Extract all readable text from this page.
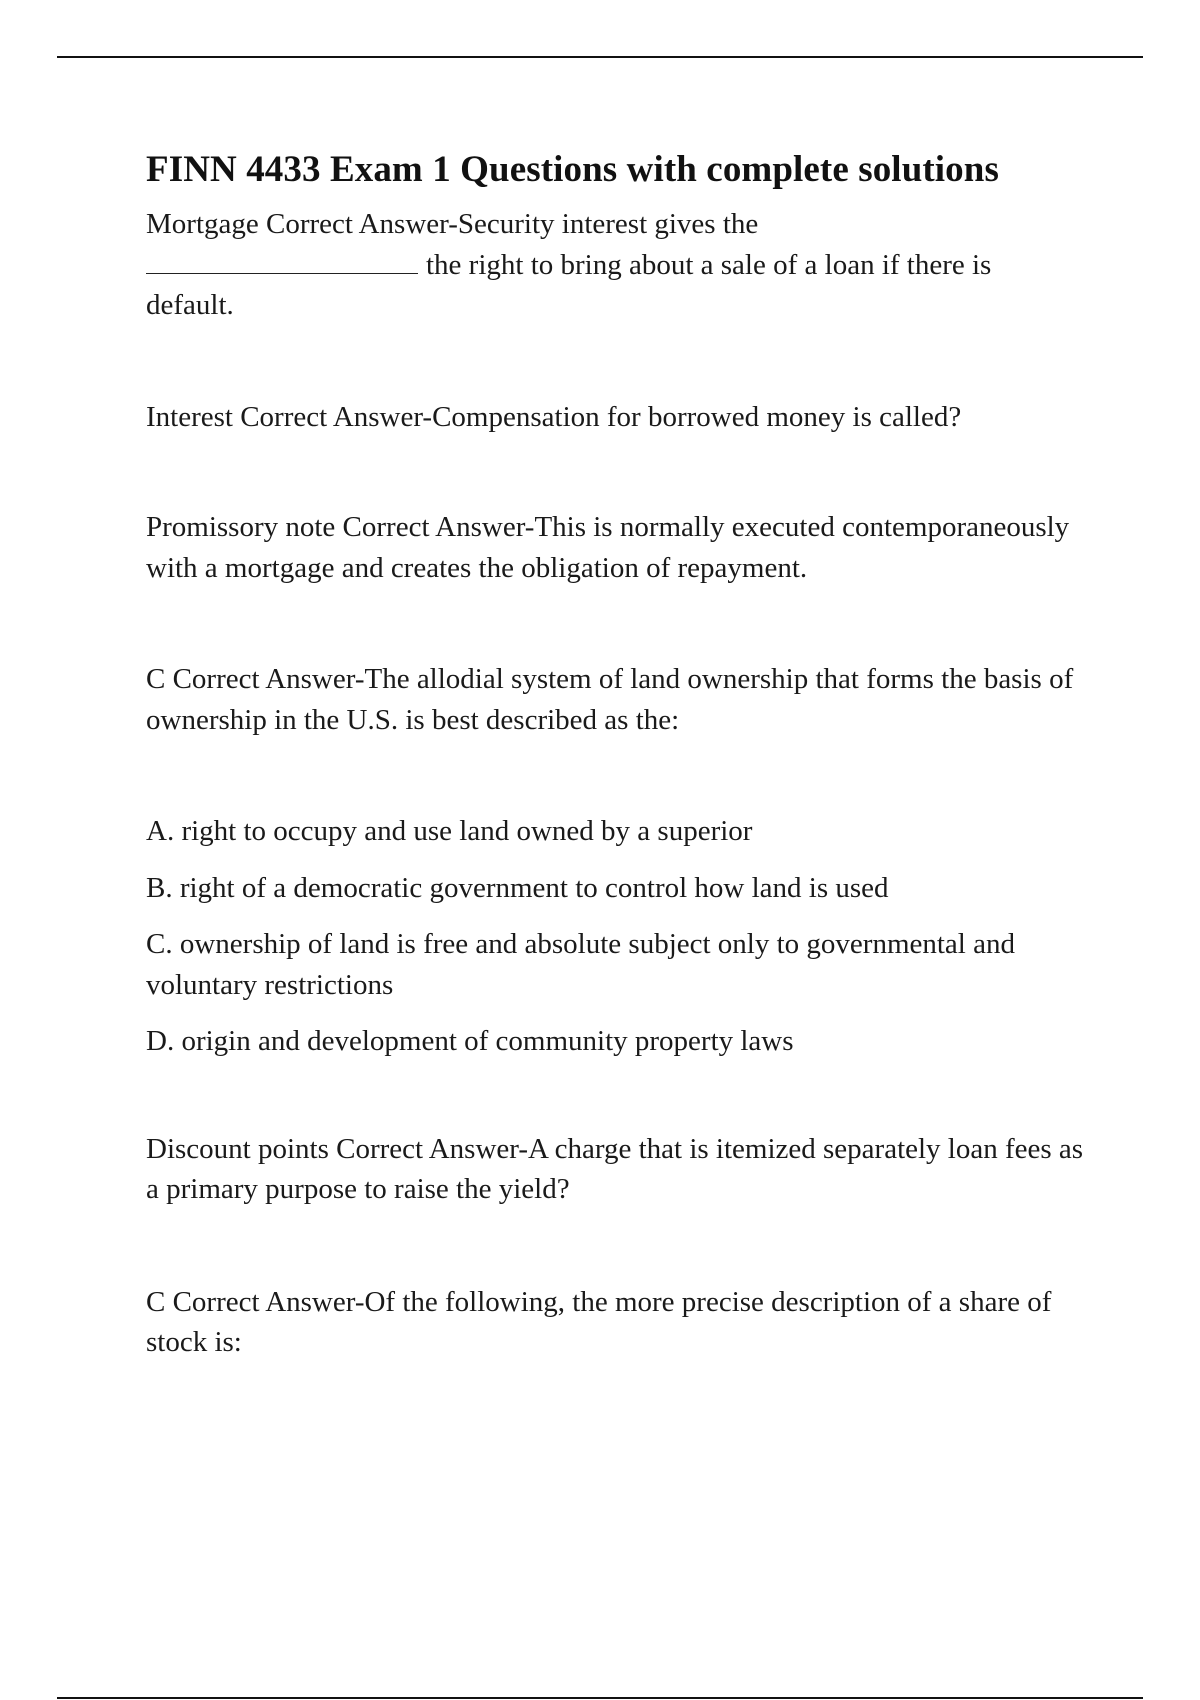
FINN 4433 Exam 1 Questions with complete solutions

Mortgage Correct Answer-Security interest gives the
the right to bring about a sale of a loan if there is default.

Interest Correct Answer-Compensation for borrowed money is called?

Promissory note Correct Answer-This is normally executed contemporaneously with a mortgage and creates the obligation of repayment.

C Correct Answer-The allodial system of land ownership that forms the basis of ownership in the U.S. is best described as the:

A. right to occupy and use land owned by a superior

B. right of a democratic government to control how land is used

C. ownership of land is free and absolute subject only to governmental and voluntary restrictions

D. origin and development of community property laws

Discount points Correct Answer-A charge that is itemized separately loan fees as a primary purpose to raise the yield?

C Correct Answer-Of the following, the more precise description of a share of stock is:
